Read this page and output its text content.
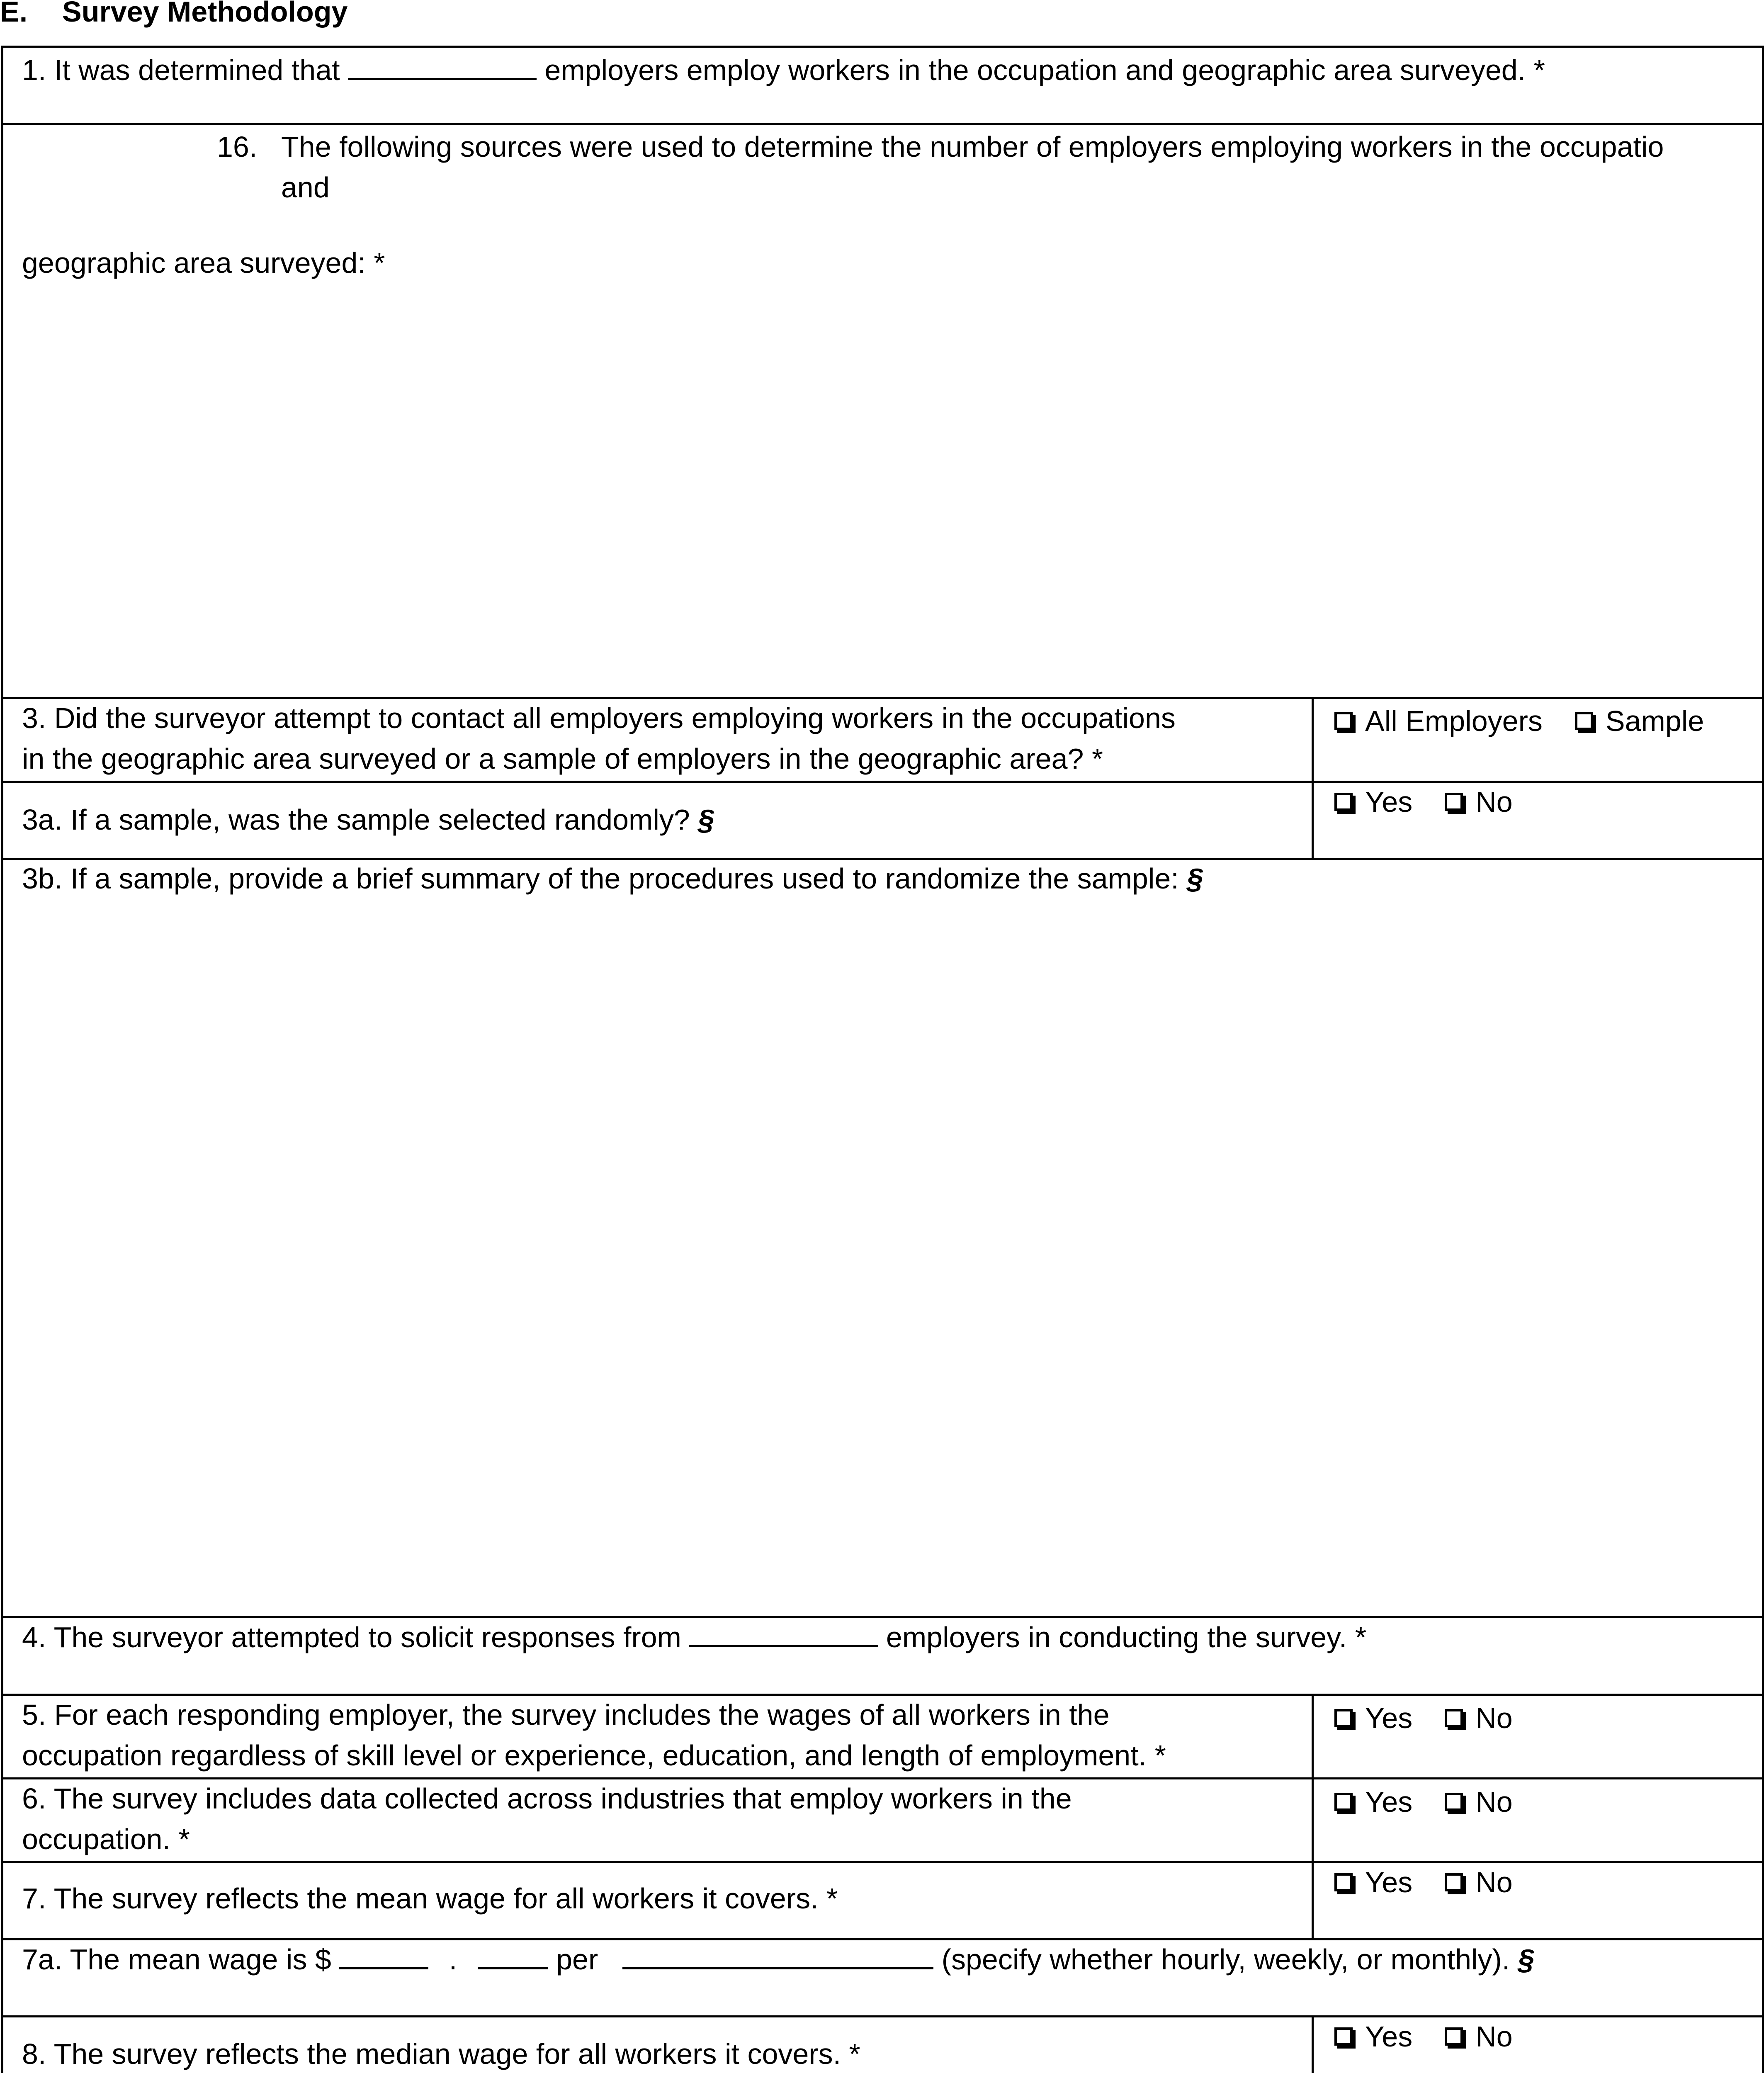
E. Survey Methodology
1. It was determined that	employers employ workers in the occupation and geographic area surveyed. *
16. The following sources were used to determine the number of employers employing workers in the occupatio
and
geographic area surveyed: *
3. Did the surveyor attempt to contact all employers employing workers in the occupations
in the geographic area surveyed or a sample of employers in the geographic area? *
All Employers Sample
3a. If a sample, was the sample selected randomly? §
Yes No
3b. If a sample, provide a brief summary of the procedures used to randomize the sample: §
4. The surveyor attempted to solicit responses from	employers in conducting the survey. *
5. For each responding employer, the survey includes the wages of all workers in the
occupation regardless of skill level or experience, education, and length of employment. *
Yes No
6. The survey includes data collected across industries that employ workers in the
occupation. *
Yes No
7. The survey reflects the mean wage for all workers it covers. *	Yes No
7a. The mean wage is $	.	per	(specify whether hourly, weekly, or monthly). §
8. The survey reflects the median wage for all workers it covers. *
Yes No
